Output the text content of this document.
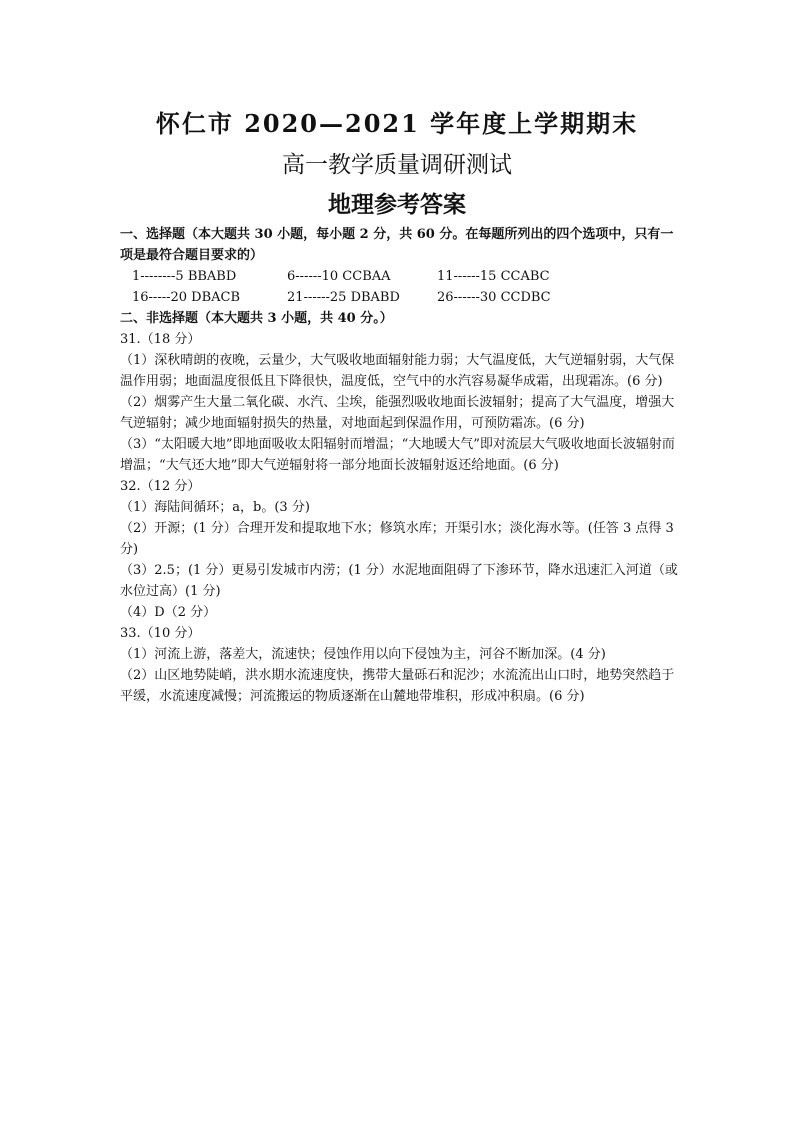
怀仁市 2020—2021 学年度上学期期末
高一教学质量调研测试
地理参考答案

一、选择题（本大题共 30 小题，每小题 2 分，共 60 分。在每题所列出的四个选项中，只有一项是最符合题目要求的）

1--------5 BBABD	6------10 CCBAA	11------15 CCABC
16-----20 DBACB	21------25 DBABD	26------30 CCDBC

二、非选择题（本大题共 3 小题，共 40 分。）

31.（18 分）

（1）深秋晴朗的夜晚，云量少，大气吸收地面辐射能力弱；大气温度低，大气逆辐射弱，大气保温作用弱；地面温度很低且下降很快，温度低，空气中的水汽容易凝华成霜，出现霜冻。(6 分)

（2）烟雾产生大量二氧化碳、水汽、尘埃，能强烈吸收地面长波辐射；提高了大气温度，增强大气逆辐射；减少地面辐射损失的热量，对地面起到保温作用，可预防霜冻。(6 分)

（3）“太阳暖大地”即地面吸收太阳辐射而增温；“大地暖大气”即对流层大气吸收地面长波辐射而增温；“大气还大地”即大气逆辐射将一部分地面长波辐射返还给地面。(6 分)

32.（12 分）

（1）海陆间循环；a，b。(3 分)

（2）开源；(1 分）合理开发和提取地下水；修筑水库；开渠引水；淡化海水等。(任答 3 点得 3 分)

（3）2.5；(1 分）更易引发城市内涝；(1 分）水泥地面阻碍了下渗环节，降水迅速汇入河道（或水位过高）(1 分)

（4）D（2 分）

33.（10 分）

（1）河流上游，落差大，流速快；侵蚀作用以向下侵蚀为主，河谷不断加深。(4 分)

（2）山区地势陡峭，洪水期水流速度快，携带大量砾石和泥沙；水流流出山口时，地势突然趋于平缓，水流速度减慢；河流搬运的物质逐渐在山麓地带堆积，形成冲积扇。(6 分)
